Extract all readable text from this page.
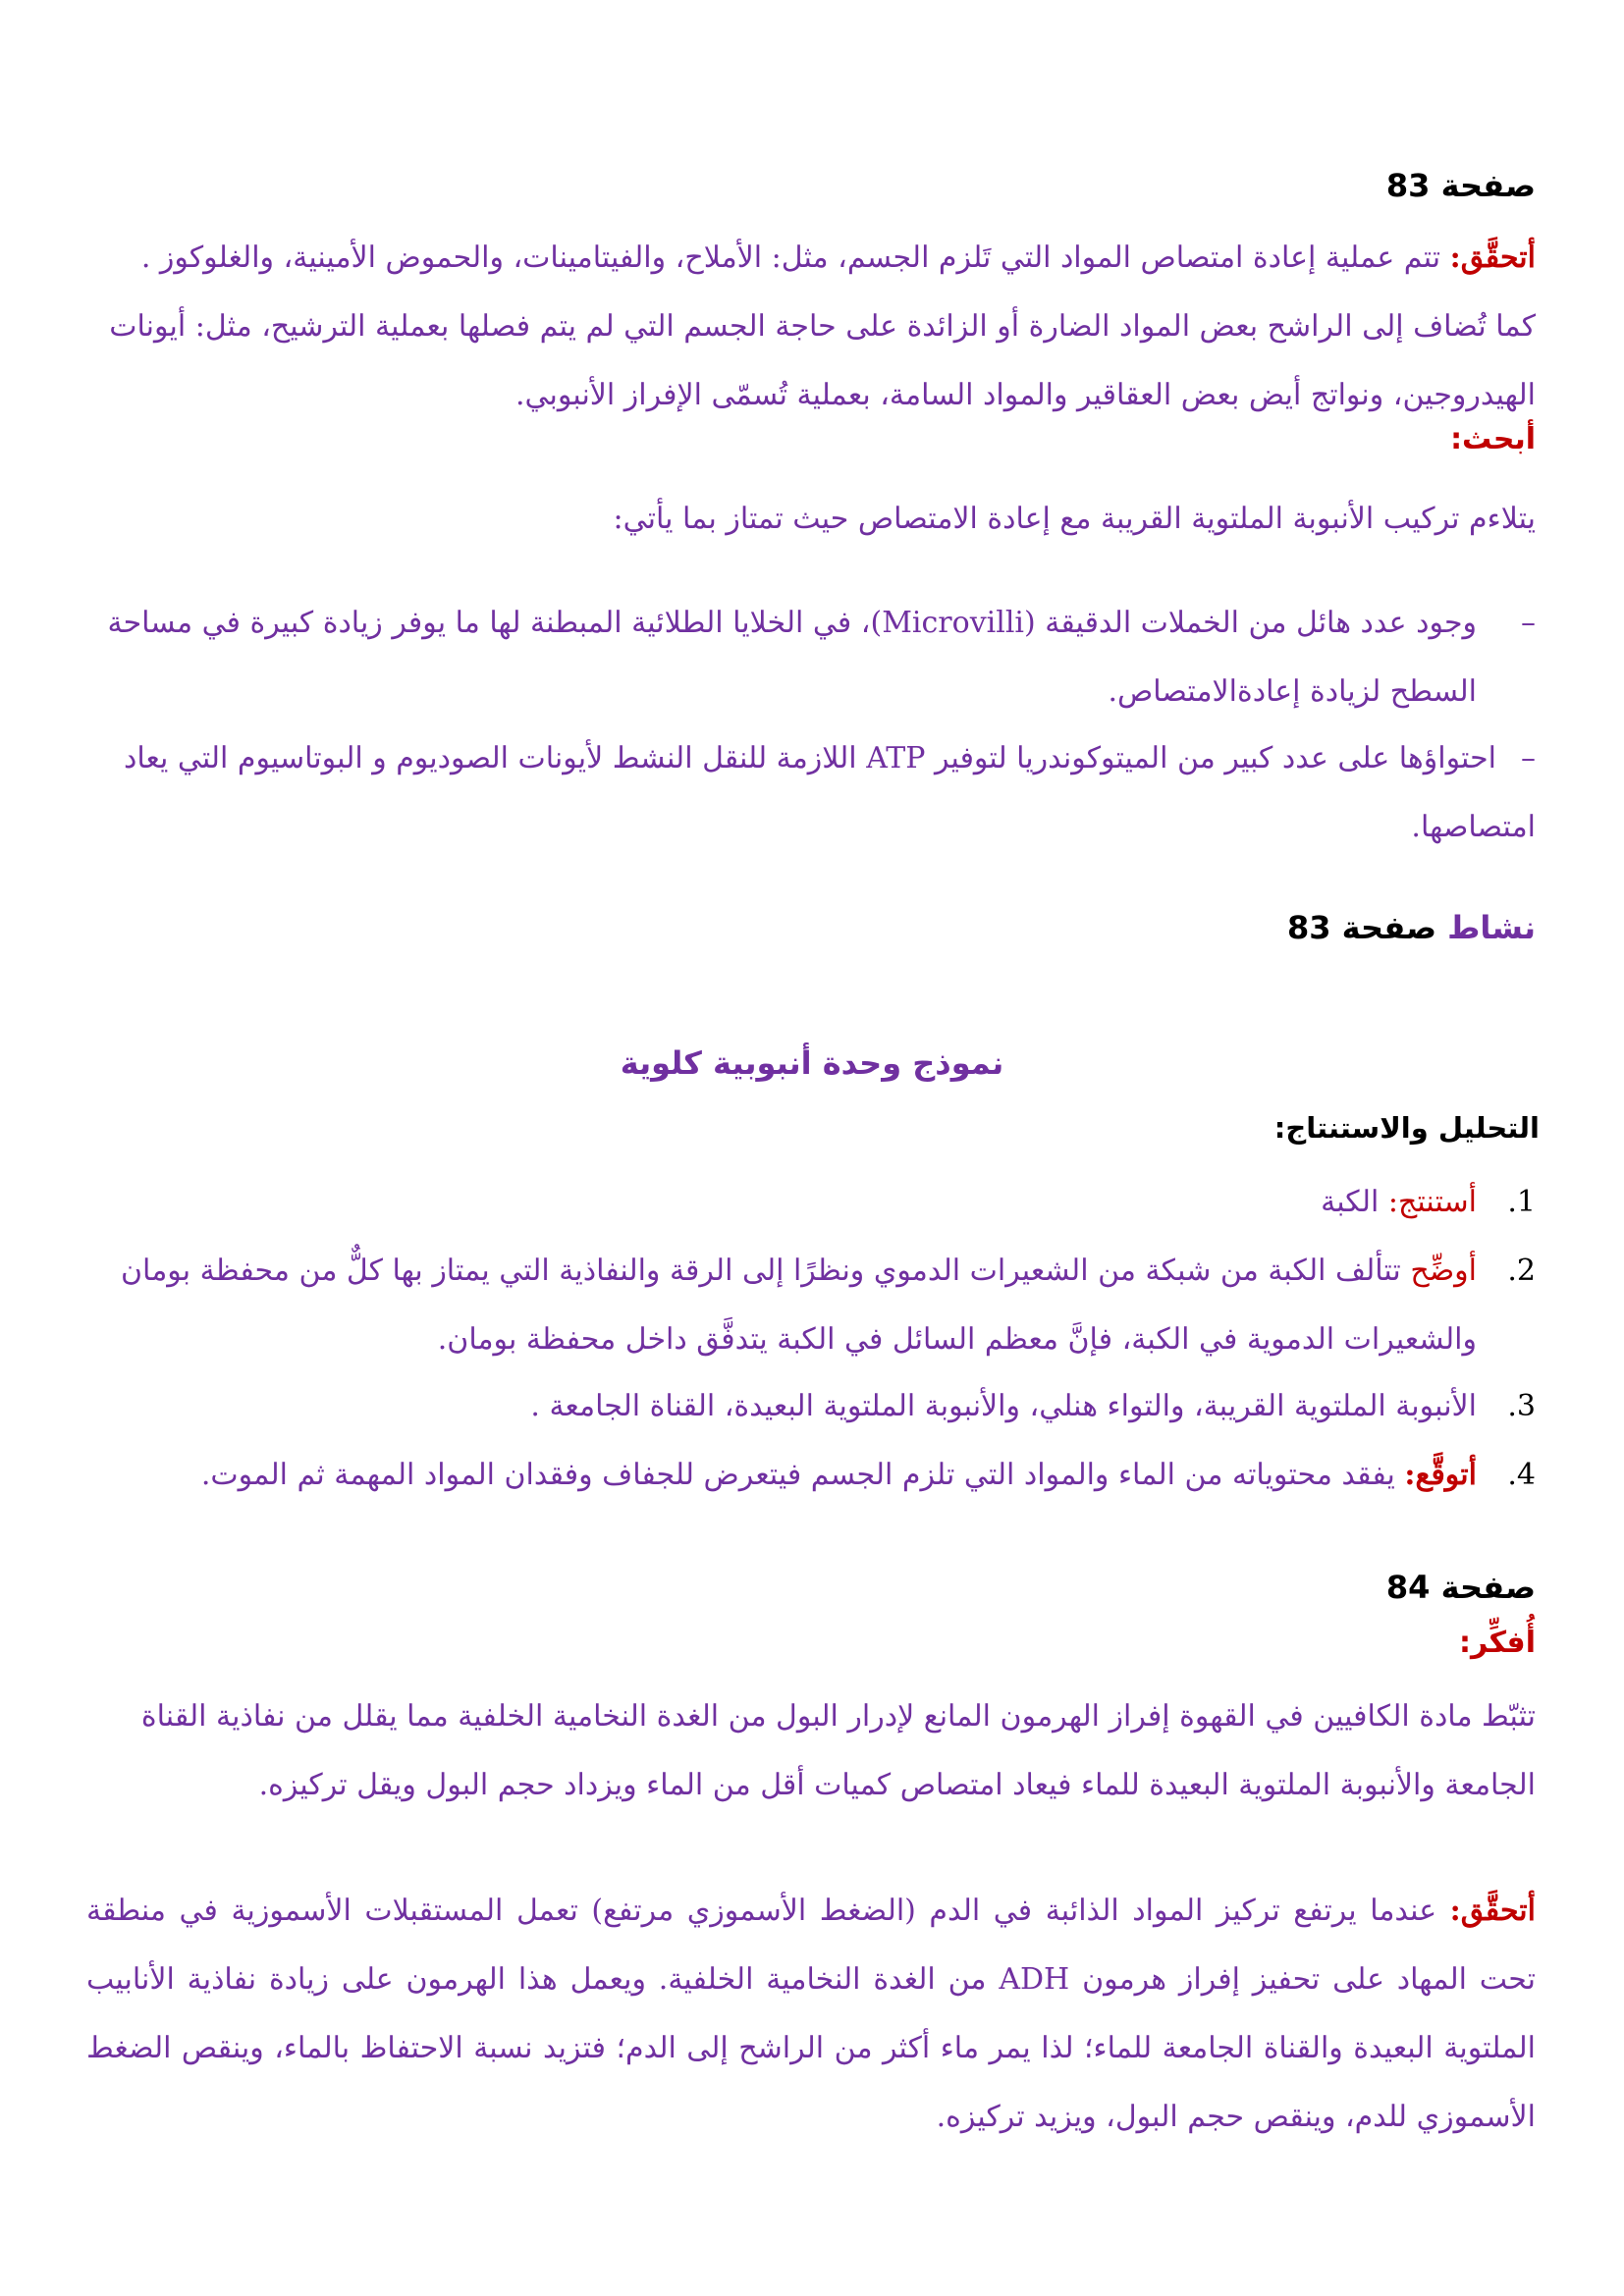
صفحة 83
أتحقَّق: تتم عملية إعادة امتصاص المواد التي تَلزم الجسم، مثل: الأملاح، والفيتامينات، والحموض الأمينية، والغلوكوز .
كما تُضاف إلى الراشح بعض المواد الضارة أو الزائدة على حاجة الجسم التي لم يتم فصلها بعملية الترشيح، مثل: أيونات الهيدروجين، ونواتج أيض بعض العقاقير والمواد السامة، بعملية تُسمّى الإفراز الأنبوبي.
أبحث:
يتلاءم تركيب الأنبوبة الملتوية القريبة مع إعادة الامتصاص حيث تمتاز بما يأتي:
–
وجود عدد هائل من الخملات الدقيقة (Microvilli)، في الخلايا الطلائية المبطنة لها ما يوفر زيادة كبيرة في مساحة السطح لزيادة إعادةالامتصاص.
–احتواؤها على عدد كبير من الميتوكوندريا لتوفير ATP اللازمة للنقل النشط لأيونات الصوديوم و البوتاسيوم التي يعاد امتصاصها.
نشاط صفحة 83
نموذج وحدة أنبوبية كلوية
التحليل والاستنتاج:
1.
أستنتج: الكبة
2.
أوضِّح تتألف الكبة من شبكة من الشعيرات الدموي ونظرًا إلى الرقة والنفاذية التي يمتاز بها كلٌّ من محفظة بومان والشعيرات الدموية في الكبة، فإنَّ معظم السائل في الكبة يتدفَّق داخل محفظة بومان.
3.
الأنبوبة الملتوية القريبة، والتواء هنلي، والأنبوبة الملتوية البعيدة، القناة الجامعة .
4.
أتوقَّع: يفقد محتوياته من الماء والمواد التي تلزم الجسم فيتعرض للجفاف وفقدان المواد المهمة ثم الموت.
صفحة 84
أُفكِّر:
تثبّط مادة الكافيين في القهوة إفراز الهرمون المانع لإدرار البول من الغدة النخامية الخلفية مما يقلل من نفاذية القناة الجامعة والأنبوبة الملتوية البعيدة للماء فيعاد امتصاص كميات أقل من الماء ويزداد حجم البول ويقل تركيزه.
أتحقَّق: عندما يرتفع تركيز المواد الذائبة في الدم (الضغط الأسموزي مرتفع) تعمل المستقبلات الأسموزية في منطقة تحت المهاد على تحفيز إفراز هرمون ADH من الغدة النخامية الخلفية. ويعمل هذا الهرمون على زيادة نفاذية الأنابيب الملتوية البعيدة والقناة الجامعة للماء؛ لذا يمر ماء أكثر من الراشح إلى الدم؛ فتزيد نسبة الاحتفاظ بالماء، وينقص الضغط الأسموزي للدم، وينقص حجم البول، ويزيد تركيزه.
